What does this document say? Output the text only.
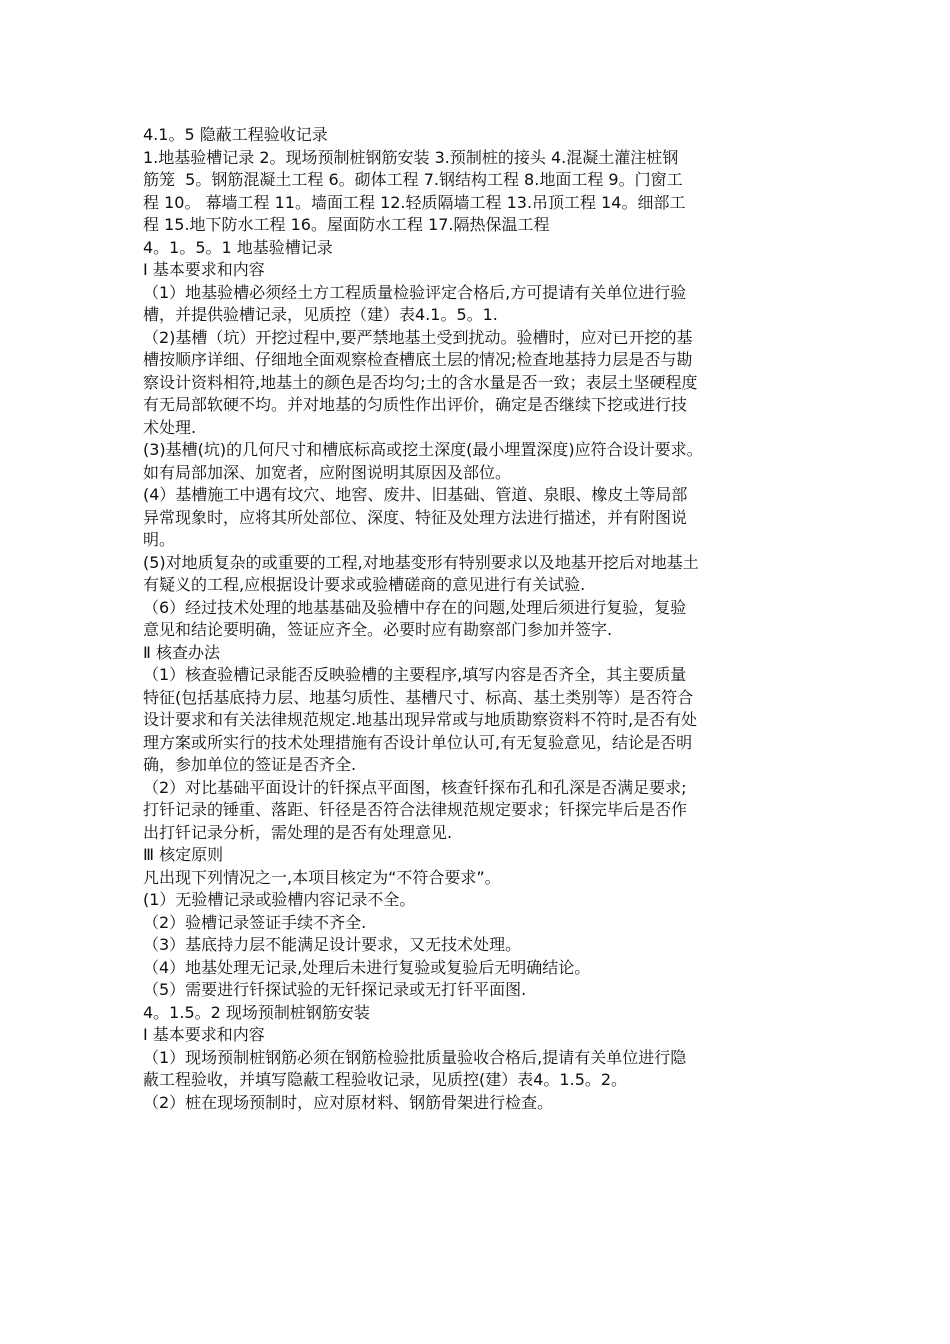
4.1。5 隐蔽工程验收记录
1.地基验槽记录 2。现场预制桩钢筋安装 3.预制桩的接头 4.混凝土灌注桩钢
筋笼  5。钢筋混凝土工程 6。砌体工程 7.钢结构工程 8.地面工程 9。门窗工
程 10。 幕墙工程 11。墙面工程 12.轻质隔墙工程 13.吊顶工程 14。细部工
程 15.地下防水工程 16。屋面防水工程 17.隔热保温工程
4。1。5。1 地基验槽记录
Ⅰ 基本要求和内容
（1）地基验槽必须经土方工程质量检验评定合格后,方可提请有关单位进行验
槽，并提供验槽记录，见质控（建）表4.1。5。1.
（2)基槽（坑）开挖过程中,要严禁地基土受到扰动。验槽时，应对已开挖的基
槽按顺序详细、仔细地全面观察检查槽底土层的情况;检查地基持力层是否与勘
察设计资料相符,地基土的颜色是否均匀;土的含水量是否一致；表层土坚硬程度
有无局部软硬不均。并对地基的匀质性作出评价，确定是否继续下挖或进行技
术处理.
(3)基槽(坑)的几何尺寸和槽底标高或挖土深度(最小埋置深度)应符合设计要求。
如有局部加深、加宽者，应附图说明其原因及部位。
(4）基槽施工中遇有坟穴、地窖、废井、旧基础、管道、泉眼、橡皮土等局部
异常现象时，应将其所处部位、深度、特征及处理方法进行描述，并有附图说
明。
(5)对地质复杂的或重要的工程,对地基变形有特别要求以及地基开挖后对地基土
有疑义的工程,应根据设计要求或验槽磋商的意见进行有关试验.
（6）经过技术处理的地基基础及验槽中存在的问题,处理后须进行复验，复验
意见和结论要明确，签证应齐全。必要时应有勘察部门参加并签字.
Ⅱ 核查办法
（1）核查验槽记录能否反映验槽的主要程序,填写内容是否齐全，其主要质量
特征(包括基底持力层、地基匀质性、基槽尺寸、标高、基土类别等）是否符合
设计要求和有关法律规范规定.地基出现异常或与地质勘察资料不符时,是否有处
理方案或所实行的技术处理措施有否设计单位认可,有无复验意见，结论是否明
确，参加单位的签证是否齐全.
（2）对比基础平面设计的钎探点平面图，核查钎探布孔和孔深是否满足要求;
打钎记录的锤重、落距、钎径是否符合法律规范规定要求；钎探完毕后是否作
出打钎记录分析，需处理的是否有处理意见.
Ⅲ 核定原则
凡出现下列情况之一,本项目核定为“不符合要求”。
(1）无验槽记录或验槽内容记录不全。
（2）验槽记录签证手续不齐全.
（3）基底持力层不能满足设计要求，又无技术处理。
（4）地基处理无记录,处理后未进行复验或复验后无明确结论。
（5）需要进行钎探试验的无钎探记录或无打钎平面图.
4。1.5。2 现场预制桩钢筋安装
Ⅰ 基本要求和内容
（1）现场预制桩钢筋必须在钢筋检验批质量验收合格后,提请有关单位进行隐
蔽工程验收，并填写隐蔽工程验收记录，见质控(建）表4。1.5。2。
（2）桩在现场预制时，应对原材料、钢筋骨架进行检查。
